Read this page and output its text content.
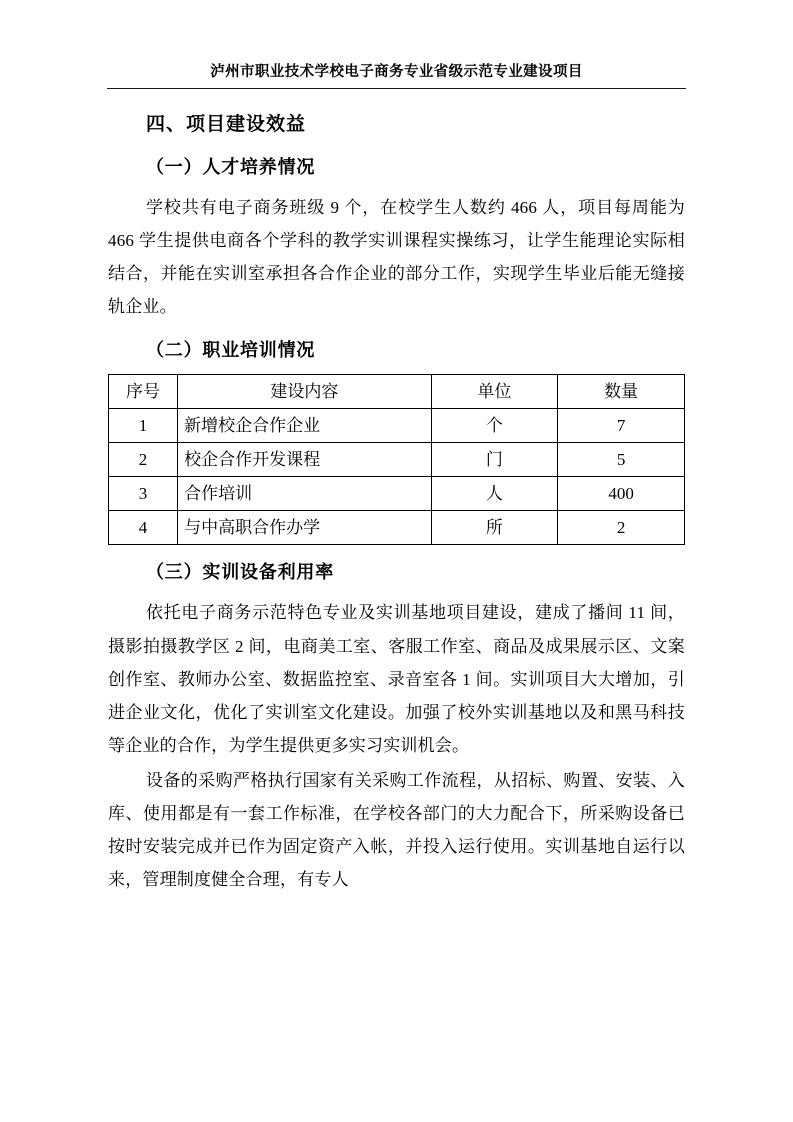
泸州市职业技术学校电子商务专业省级示范专业建设项目
四、项目建设效益
（一）人才培养情况

学校共有电子商务班级 9 个，在校学生人数约 466 人，项目每周能为 466 学生提供电商各个学科的教学实训课程实操练习，让学生能理论实际相结合，并能在实训室承担各合作企业的部分工作，实现学生毕业后能无缝接轨企业。

（二）职业培训情况
序号	建设内容	单位	数量
1	新增校企合作企业	个	7
2	校企合作开发课程	门	5
3	合作培训	人	400
4	与中高职合作办学	所	2
（三）实训设备利用率

依托电子商务示范特色专业及实训基地项目建设，建成了播间 11 间，摄影拍摄教学区 2 间，电商美工室、客服工作室、商品及成果展示区、文案创作室、教师办公室、数据监控室、录音室各 1 间。实训项目大大增加，引进企业文化，优化了实训室文化建设。加强了校外实训基地以及和黑马科技等企业的合作，为学生提供更多实习实训机会。

设备的采购严格执行国家有关采购工作流程，从招标、购置、安装、入库、使用都是有一套工作标准，在学校各部门的大力配合下，所采购设备已按时安装完成并已作为固定资产入帐，并投入运行使用。实训基地自运行以来，管理制度健全合理，有专人
